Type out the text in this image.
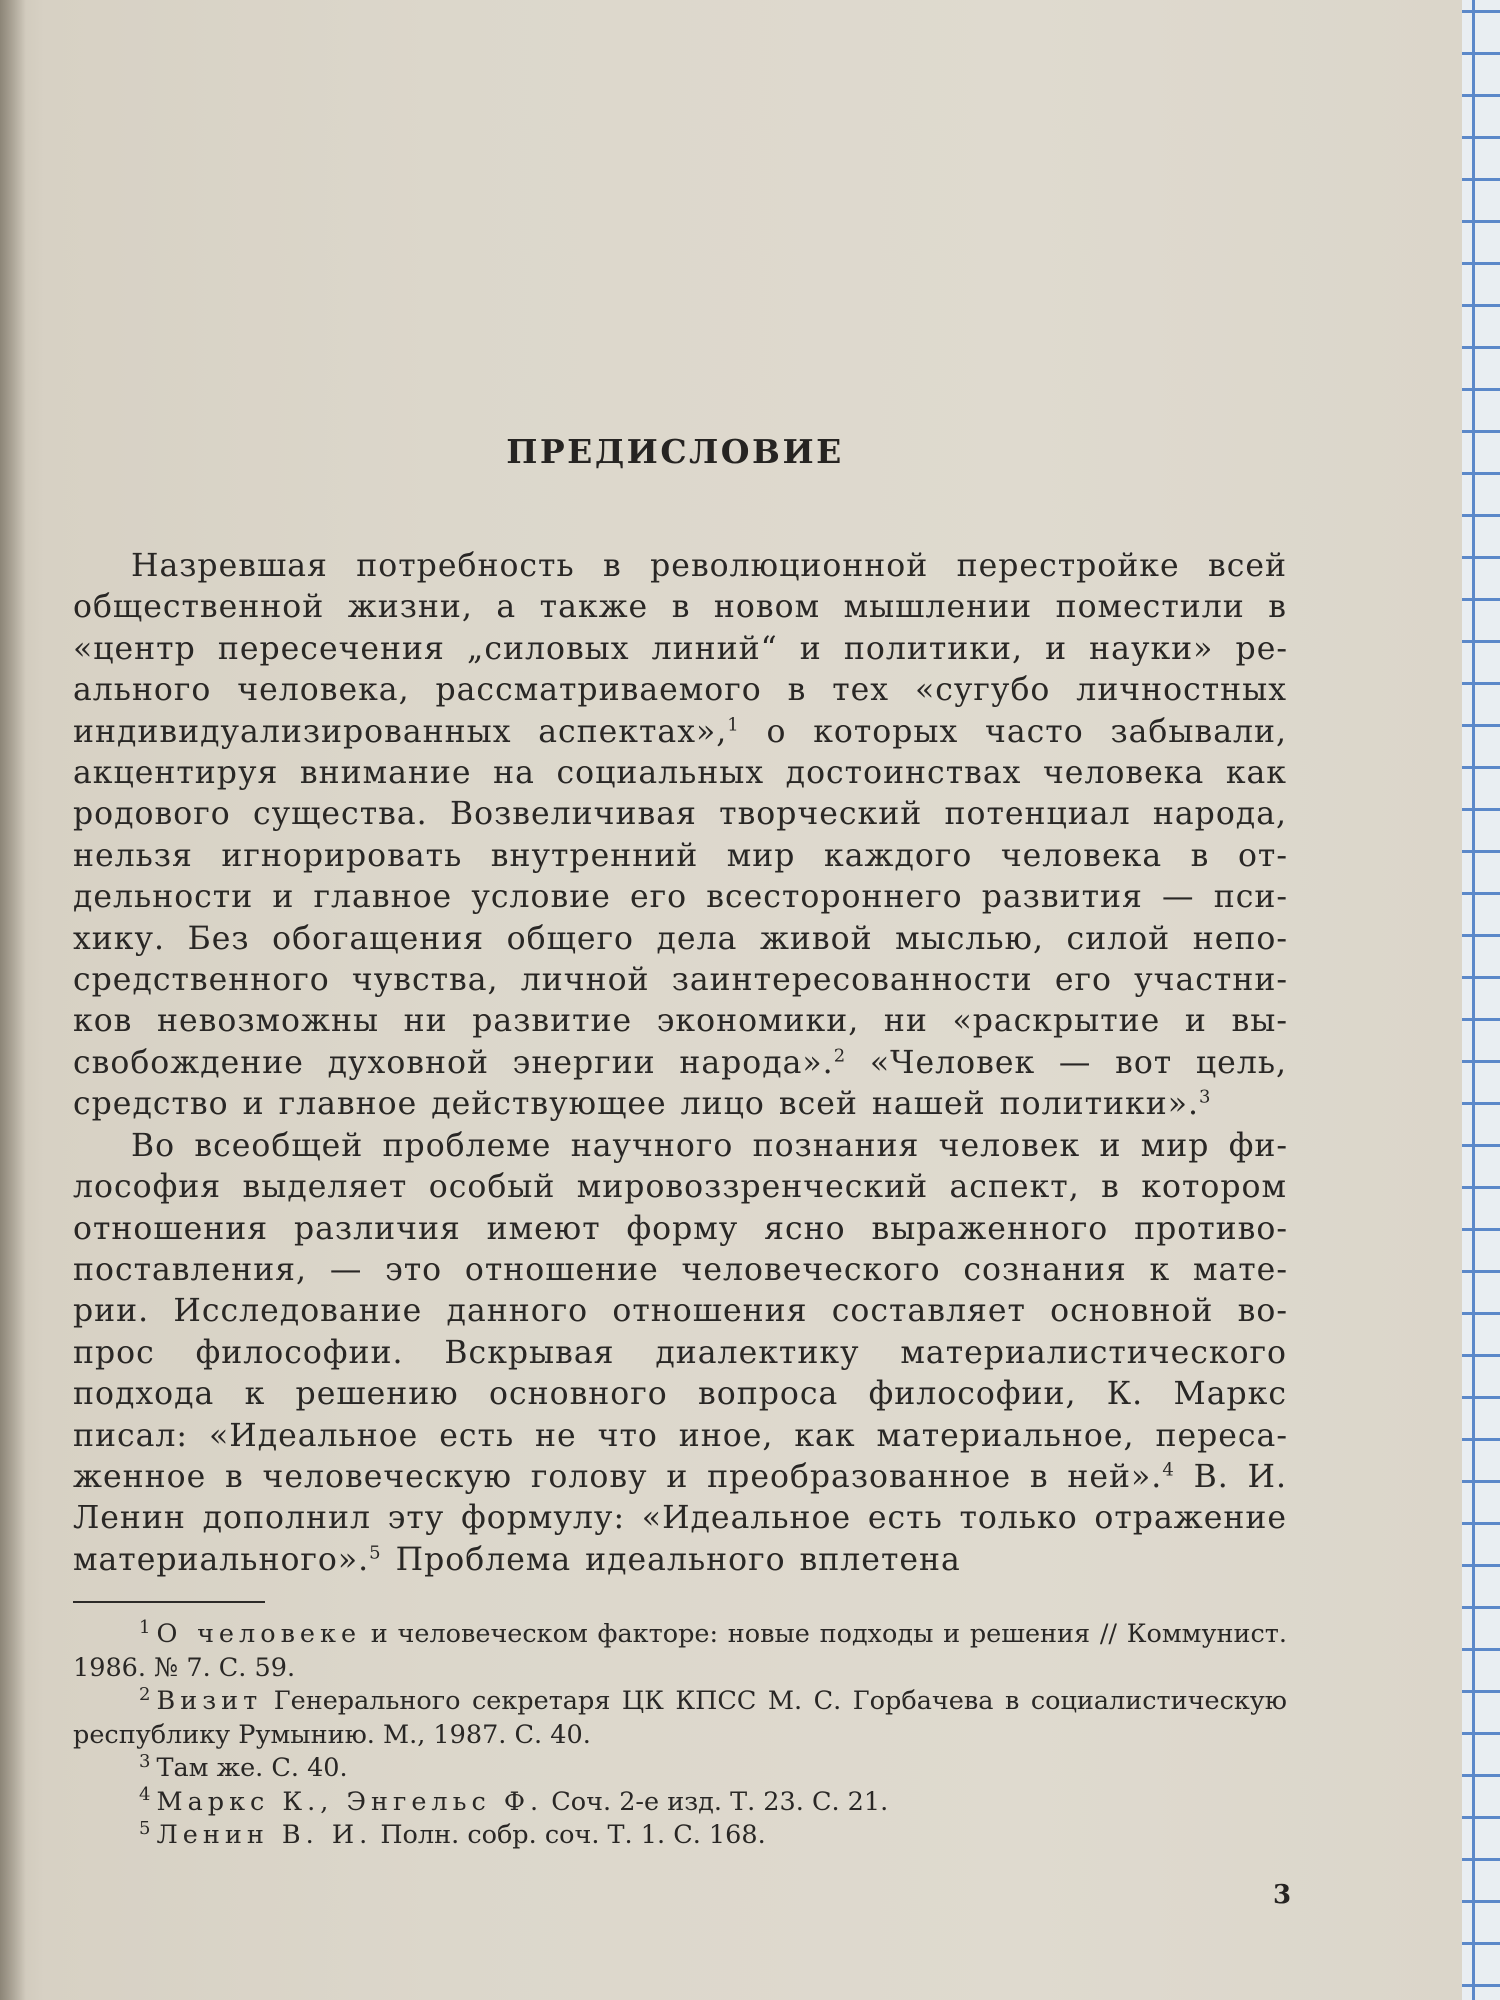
ПРЕДИСЛОВИЕ

Назревшая потребность в революционной перестройке всей общественной жизни, а также в новом мышлении поместили в «центр пересечения „силовых линий“ и политики, и науки» реального человека, рассматриваемого в тех «сугубо личностных индивидуализированных аспектах»,$^1$ о которых часто забывали, акцентируя внимание на социальных достоинствах человека как родового существа. Возвеличивая творческий потенциал народа, нельзя игнорировать внутренний мир каждого человека в отдельности и главное условие его всестороннего развития — психику. Без обогащения общего дела живой мыслью, силой непосредственного чувства, личной заинтересованности его участников невозможны ни развитие экономики, ни «раскрытие и высвобождение духовной энергии народа».$^2$ «Человек — вот цель, средство и главное действующее лицо всей нашей политики».$^3$

Во всеобщей проблеме научного познания человек и мир философия выделяет особый мировоззренческий аспект, в котором отношения различия имеют форму ясно выраженного противопоставления, — это отношение человеческого сознания к материи. Исследование данного отношения составляет основной вопрос философии. Вскрывая диалектику материалистического подхода к решению основного вопроса философии, К. Маркс писал: «Идеальное есть не что иное, как материальное, пересаженное в человеческую голову и преобразованное в ней».$^4$ В. И. Ленин дополнил эту формулу: «Идеальное есть только отражение материального».$^5$ Проблема идеального вплетена

$^1$ О человеке и человеческом факторе: новые подходы и решения // Коммунист. 1986. № 7. С. 59.

$^2$ Визит Генерального секретаря ЦК КПСС М. С. Горбачева в социалистическую республику Румынию. М., 1987. С. 40.

$^3$ Там же. С. 40.

$^4$ Маркс К., Энгельс Ф. Соч. 2-е изд. Т. 23. С. 21.

$^5$ Ленин В. И. Полн. собр. соч. Т. 1. С. 168.

3
